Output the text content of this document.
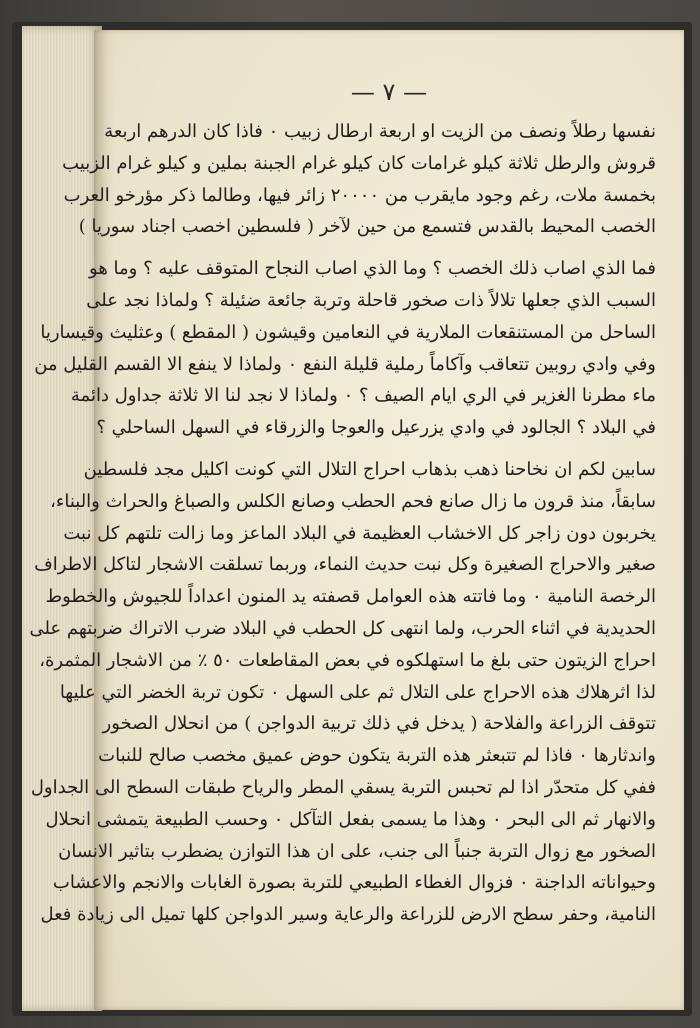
— ٧ —
نفسها رطلاً ونصف من الزيت او اربعة ارطال زبيب ٠ فاذا كان الدرهم اربعة
قروش والرطل ثلاثة كيلو غرامات كان كيلو غرام الجبنة بملين و كيلو غرام الزبيب
بخمسة ملات، رغم وجود مايقرب من ٢٠٠٠٠ زائر فيها، وطالما ذكر مؤرخو العرب
الخصب المحيط بالقدس فتسمع من حين لآخر ( فلسطين اخصب اجناد سوريا )
فما الذي اصاب ذلك الخصب ؟ وما الذي اصاب النجاح المتوقف عليه ؟ وما هو
السبب الذي جعلها تلالاً ذات صخور قاحلة وتربة جائعة ضئيلة ؟ ولماذا نجد على
الساحل من المستنقعات الملارية في النعامين وقيشون ( المقطع ) وعثليث وقيساريا
وفي وادي روبين تتعاقب وآكاماً رملية قليلة النفع ٠ ولماذا لا ينفع الا القسم القليل من
ماء مطرنا الغزير في الري ايام الصيف ؟ ٠ ولماذا لا نجد لنا الا ثلاثة جداول دائمة
في البلاد ؟ الجالود في وادي يزرعيل والعوجا والزرقاء في السهل الساحلي ؟
سابين لكم ان نخاحنا ذهب بذهاب احراج التلال التي كونت اكليل مجد فلسطين
سابقاً، منذ قرون ما زال صانع فحم الحطب وصانع الكلس والصباغ والحراث والبناء،
يخربون دون زاجر كل الاخشاب العظيمة في البلاد الماعز وما زالت تلتهم كل نبت
صغير والاحراج الصغيرة وكل نبت حديث النماء، وربما تسلقت الاشجار لتاكل الاطراف
الرخصة النامية ٠ وما فاتته هذه العوامل قصفته يد المنون اعداداً للجيوش والخطوط
الحديدية في اثناء الحرب، ولما انتهى كل الحطب في البلاد ضرب الاتراك ضربتهم على
احراج الزيتون حتى بلغ ما استهلكوه في بعض المقاطعات ٥٠ ٪ من الاشجار المثمرة،
لذا اثرهلاك هذه الاحراج على التلال ثم على السهل ٠ تكون تربة الخضر التي عليها
تتوقف الزراعة والفلاحة ( يدخل في ذلك تربية الدواجن ) من انحلال الصخور
واندثارها ٠ فاذا لم تتبعثر هذه التربة يتكون حوض عميق مخصب صالح للنبات
ففي كل متحدّر اذا لم تحبس التربة يسقي المطر والرياح طبقات السطح الى الجداول
والانهار ثم الى البحر ٠ وهذا ما يسمى بفعل التآكل ٠ وحسب الطبيعة يتمشى انحلال
الصخور مع زوال التربة جنباً الى جنب، على ان هذا التوازن يضطرب بتاثير الانسان
وحيواناته الداجنة ٠ فزوال الغطاء الطبيعي للتربة بصورة الغابات والانجم والاعشاب
النامية، وحفر سطح الارض للزراعة والرعاية وسير الدواجن كلها تميل الى زيادة فعل
